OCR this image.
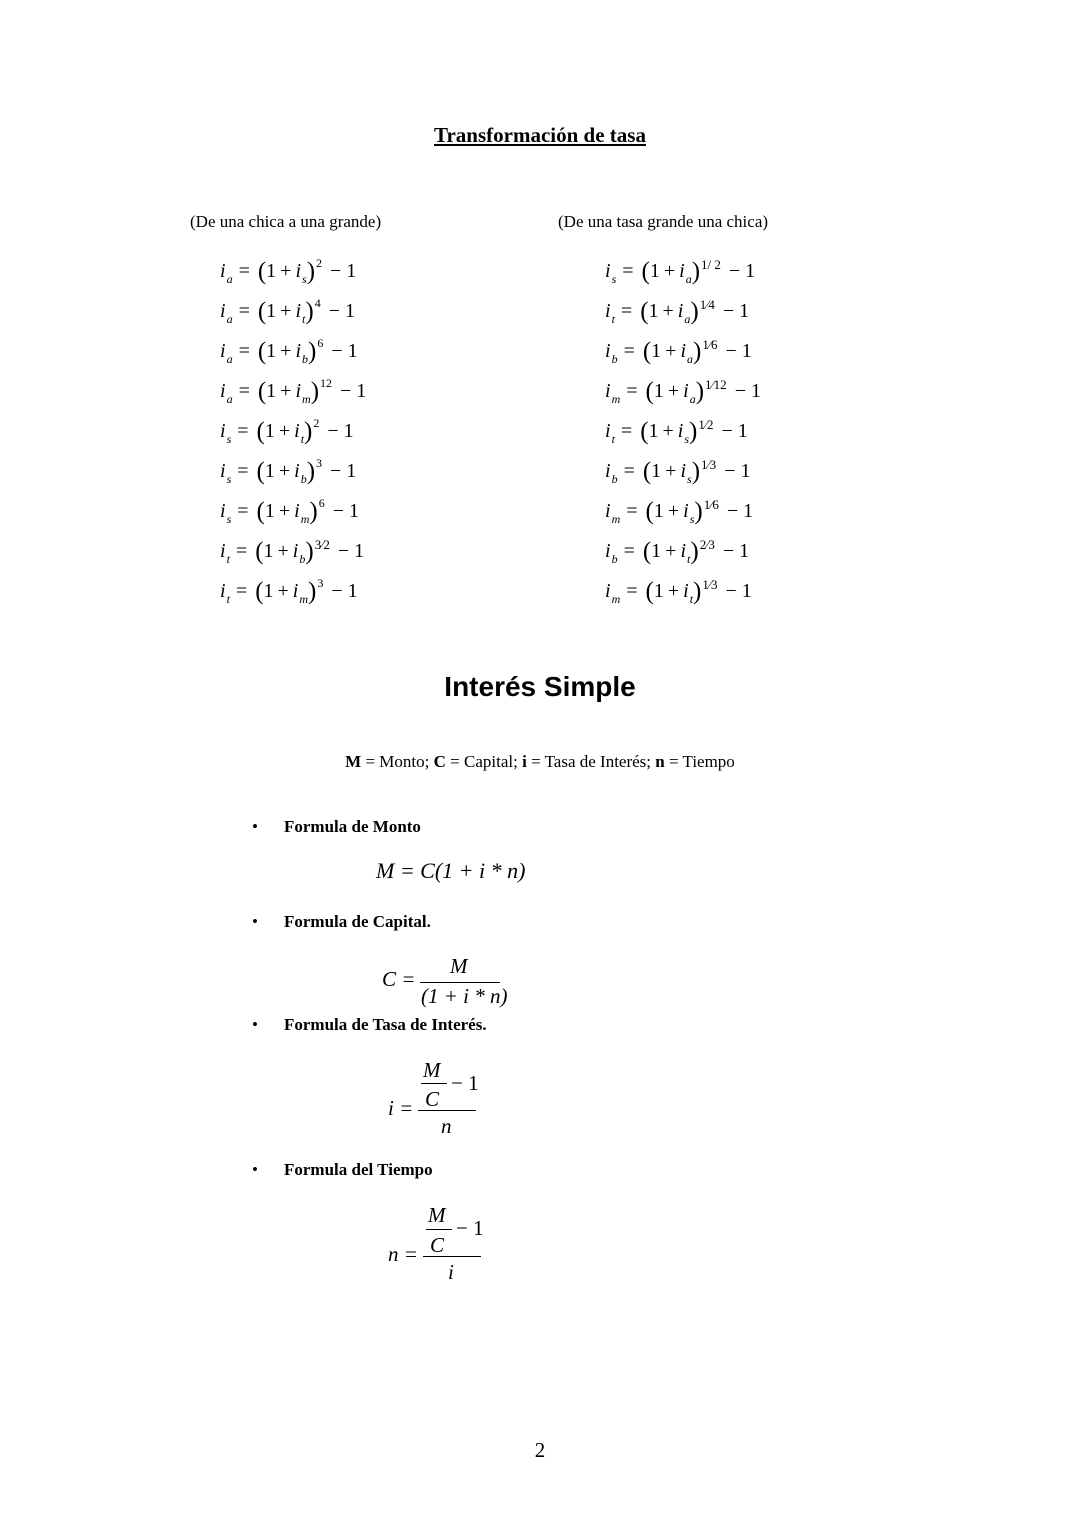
Transformación de tasa
(De una chica a una grande)	(De una tasa grande una chica)
$i_a = (1 + i_s)^2 - 1$
$i_a = (1 + i_t)^4 - 1$
$i_a = (1 + i_b)^6 - 1$
$i_a = (1 + i_m)^{12} - 1$
$i_s = (1 + i_t)^2 - 1$
$i_s = (1 + i_b)^3 - 1$
$i_s = (1 + i_m)^6 - 1$
$i_t = (1 + i_b)^{3⁄2} - 1$
$i_t = (1 + i_m)^3 - 1$
$i_s = (1 + i_a)^{1/ 2} - 1$
$i_t = (1 + i_a)^{1⁄4} - 1$
$i_b = (1 + i_a)^{1⁄6} - 1$
$i_m = (1 + i_a)^{1⁄12} - 1$
$i_t = (1 + i_s)^{1⁄2} - 1$
$i_b = (1 + i_s)^{1⁄3} - 1$
$i_m = (1 + i_s)^{1⁄6} - 1$
$i_b = (1 + i_t)^{2⁄3} - 1$
$i_m = (1 + i_t)^{1⁄3} - 1$
Interés Simple
M = Monto; C = Capital; i = Tasa de Interés; n = Tiempo
• Formula de Monto
M = C(1 + i * n)
• Formula de Capital.
C =
M
(1 + i * n)
• Formula de Tasa de Interés.
i =
M
− 1
C
n
• Formula del Tiempo
n =
M
− 1
C
i
2
